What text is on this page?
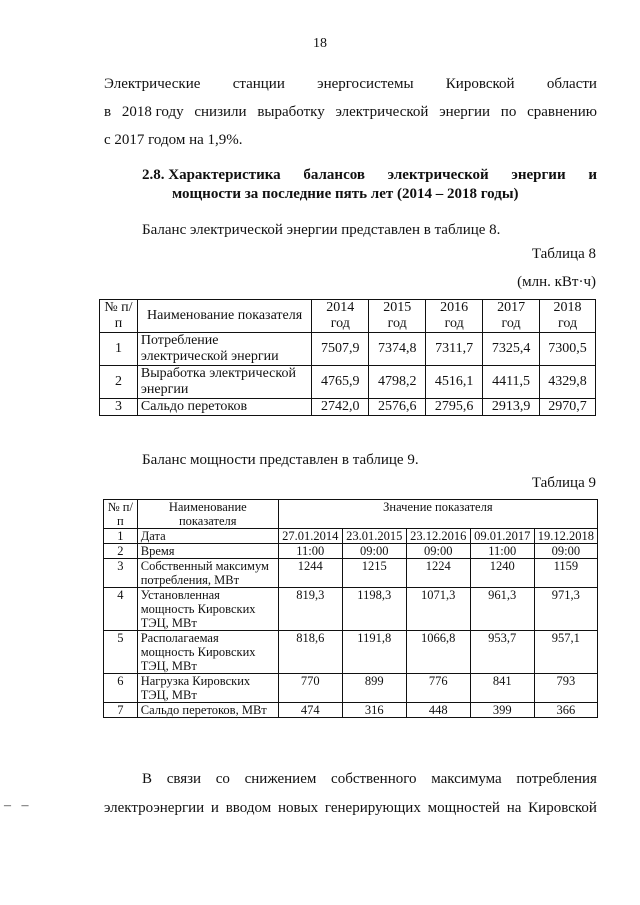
18
Электрические станции энергосистемы Кировской области
в 2018 году снизили выработку электрической энергии по сравнению
с 2017 годом на 1,9%.
2.8. Характеристика балансов электрической энергии и
мощности за последние пять лет (2014 – 2018 годы)
Баланс электрической энергии представлен в таблице 8.
Таблица 8
(млн. кВт·ч)
№ п/п	Наименование показателя	2014 год	2015 год	2016 год	2017 год	2018 год
1	Потребление электрической энергии	7507,9	7374,8	7311,7	7325,4	7300,5
2	Выработка электрической энергии	4765,9	4798,2	4516,1	4411,5	4329,8
3	Сальдо перетоков	2742,0	2576,6	2795,6	2913,9	2970,7
Баланс мощности представлен в таблице 9.
Таблица 9
№ п/п	Наименование показателя	Значение показателя				
1	Дата	27.01.2014	23.01.2015	23.12.2016	09.01.2017	19.12.2018
2	Время	11:00	09:00	09:00	11:00	09:00
3	Собственный максимум потребления, МВт	1244	1215	1224	1240	1159
4	Установленная мощность Кировских ТЭЦ, МВт	819,3	1198,3	1071,3	961,3	971,3
5	Располагаемая мощность Кировских ТЭЦ, МВт	818,6	1191,8	1066,8	953,7	957,1
6	Нагрузка Кировских ТЭЦ, МВт	770	899	776	841	793
7	Сальдо перетоков, МВт	474	316	448	399	366
В связи со снижением собственного максимума потребления
электроэнергии и вводом новых генерирующих мощностей на Кировской
–   –
